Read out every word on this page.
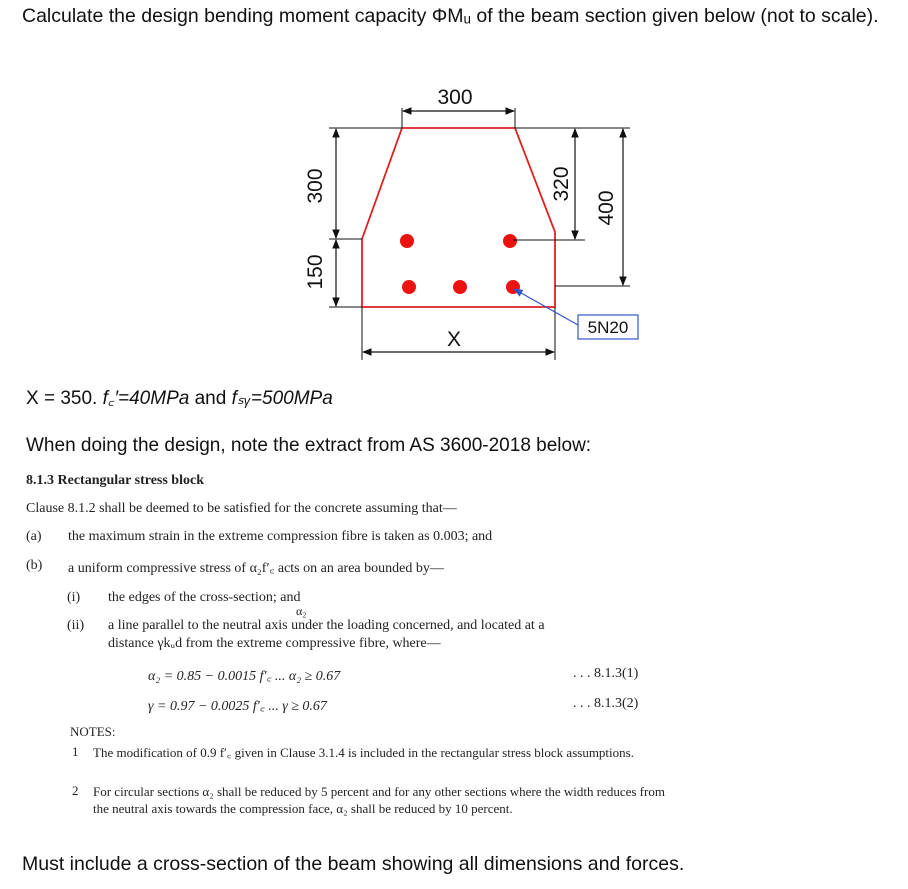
Calculate the design bending moment capacity ΦMᵤ of the beam section given below (not to scale).
300
300
150
320
400
X
5N20
X = 350. f꜀′=40MPa and fₛᵧ=500MPa
When doing the design, note the extract from AS 3600-2018 below:
8.1.3 Rectangular stress block
Clause 8.1.2 shall be deemed to be satisfied for the concrete assuming that—
(a) the maximum strain in the extreme compression fibre is taken as 0.003; and
(b) a uniform compressive stress of α₂f′꜀ acts on an area bounded by—
(i) the edges of the cross-section; and
α₂
(ii) a line parallel to the neutral axis under the loading concerned, and located at a
distance γkᵤd from the extreme compressive fibre, where—
α₂ = 0.85 − 0.0015 f′꜀ ... α₂ ≥ 0.67	. . . 8.1.3(1)
γ = 0.97 − 0.0025 f′꜀ ... γ ≥ 0.67	. . . 8.1.3(2)
NOTES:
1 The modification of 0.9 f′꜀ given in Clause 3.1.4 is included in the rectangular stress block assumptions.
2 For circular sections α₂ shall be reduced by 5 percent and for any other sections where the width reduces from the neutral axis towards the compression face, α₂ shall be reduced by 10 percent.
Must include a cross-section of the beam showing all dimensions and forces.
